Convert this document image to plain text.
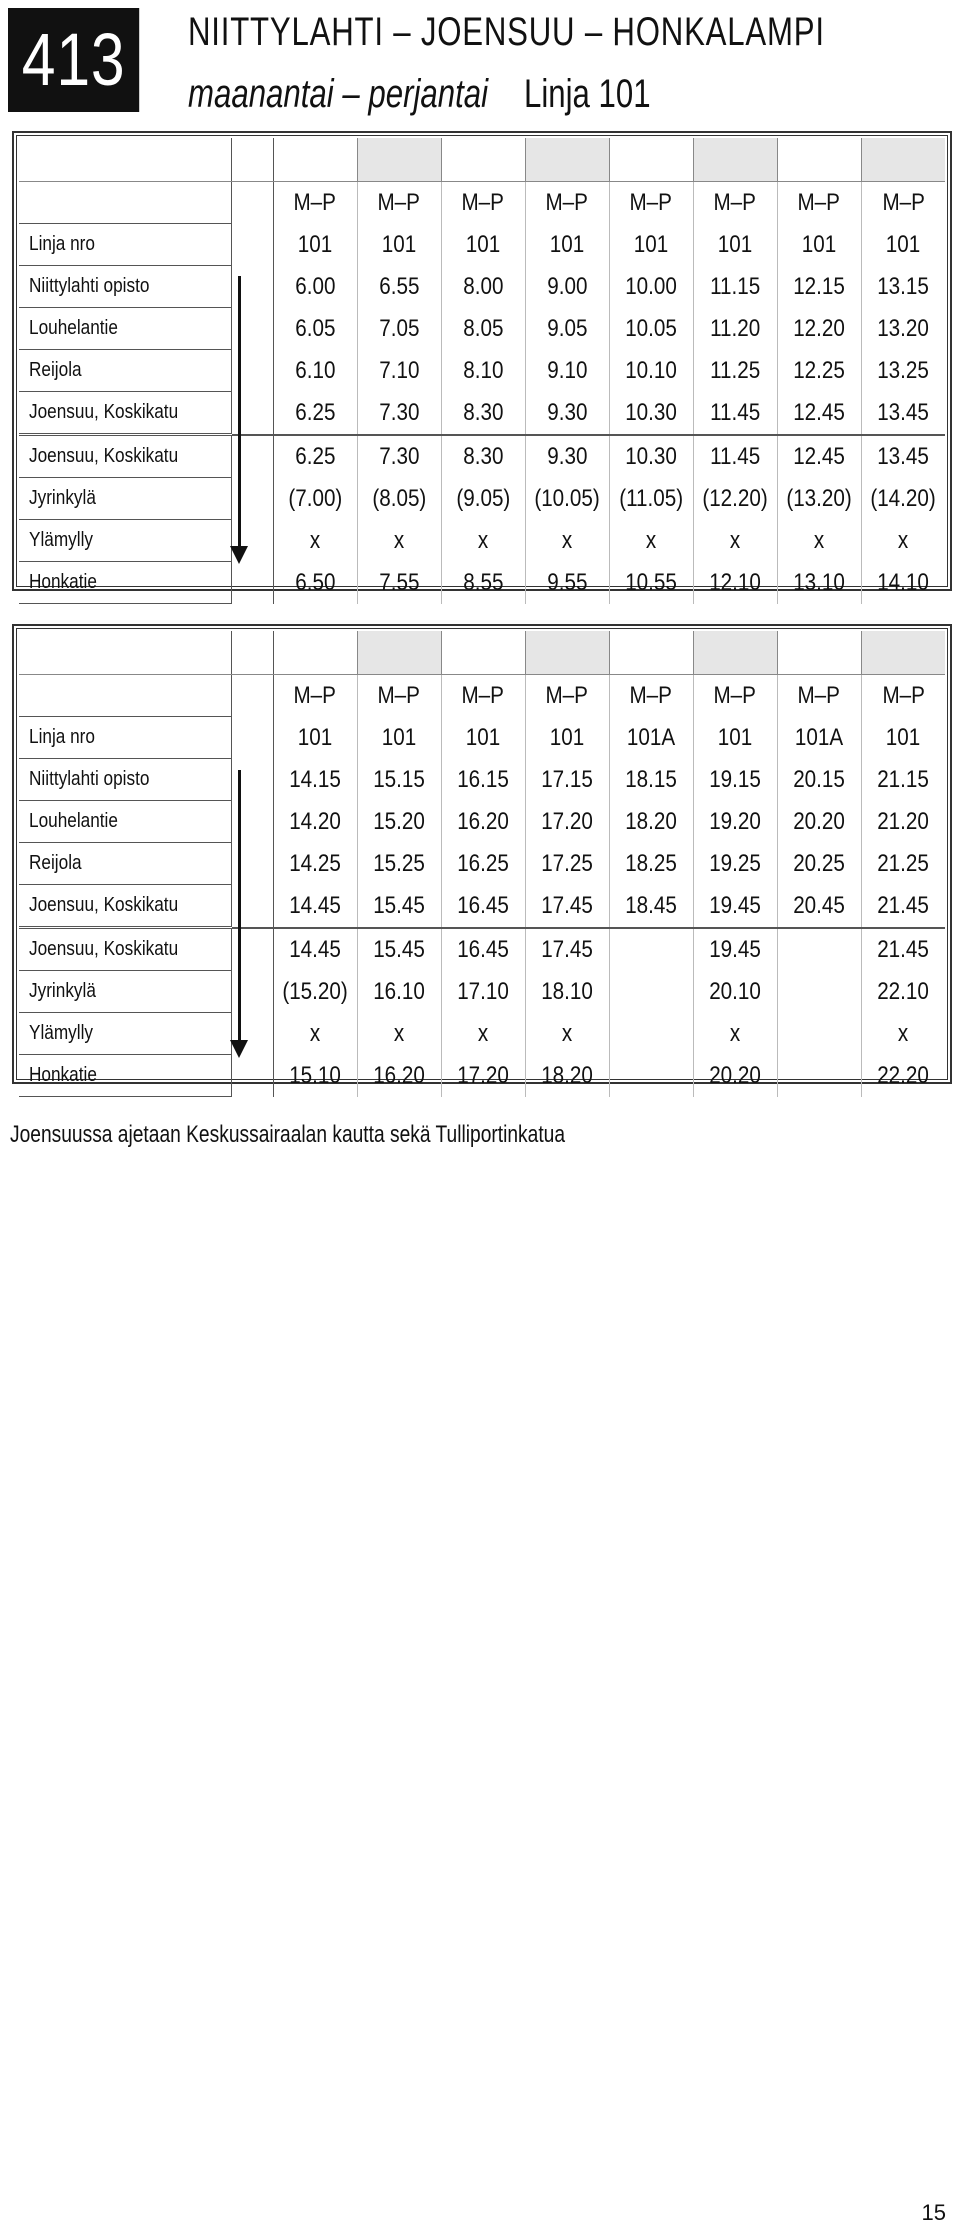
413	NIITTYLAHTI – JOENSUU – HONKALAMPI
maanantai – perjantai Linja 101

		M–P	M–P	M–P	M–P	M–P	M–P	M–P	M–P
Linja nro		101	101	101	101	101	101	101	101
Niittylahti opisto		6.00	6.55	8.00	9.00	10.00	11.15	12.15	13.15
Louhelantie		6.05	7.05	8.05	9.05	10.05	11.20	12.20	13.20
Reijola		6.10	7.10	8.10	9.10	10.10	11.25	12.25	13.25
Joensuu, Koskikatu		6.25	7.30	8.30	9.30	10.30	11.45	12.45	13.45
Joensuu, Koskikatu		6.25	7.30	8.30	9.30	10.30	11.45	12.45	13.45
Jyrinkylä		(7.00)	(8.05)	(9.05)	(10.05)	(11.05)	(12.20)	(13.20)	(14.20)
Ylämylly		x	x	x	x	x	x	x	x
Honkatie		6.50	7.55	8.55	9.55	10.55	12.10	13.10	14.10

		M–P	M–P	M–P	M–P	M–P	M–P	M–P	M–P
Linja nro		101	101	101	101	101A	101	101A	101
Niittylahti opisto		14.15	15.15	16.15	17.15	18.15	19.15	20.15	21.15
Louhelantie		14.20	15.20	16.20	17.20	18.20	19.20	20.20	21.20
Reijola		14.25	15.25	16.25	17.25	18.25	19.25	20.25	21.25
Joensuu, Koskikatu		14.45	15.45	16.45	17.45	18.45	19.45	20.45	21.45
Joensuu, Koskikatu		14.45	15.45	16.45	17.45		19.45		21.45
Jyrinkylä		(15.20)	16.10	17.10	18.10		20.10		22.10
Ylämylly		x	x	x	x		x		x
Honkatie		15.10	16.20	17.20	18.20		20.20		22.20
Joensuussa ajetaan Keskussairaalan kautta sekä Tulliportinkatua
15
